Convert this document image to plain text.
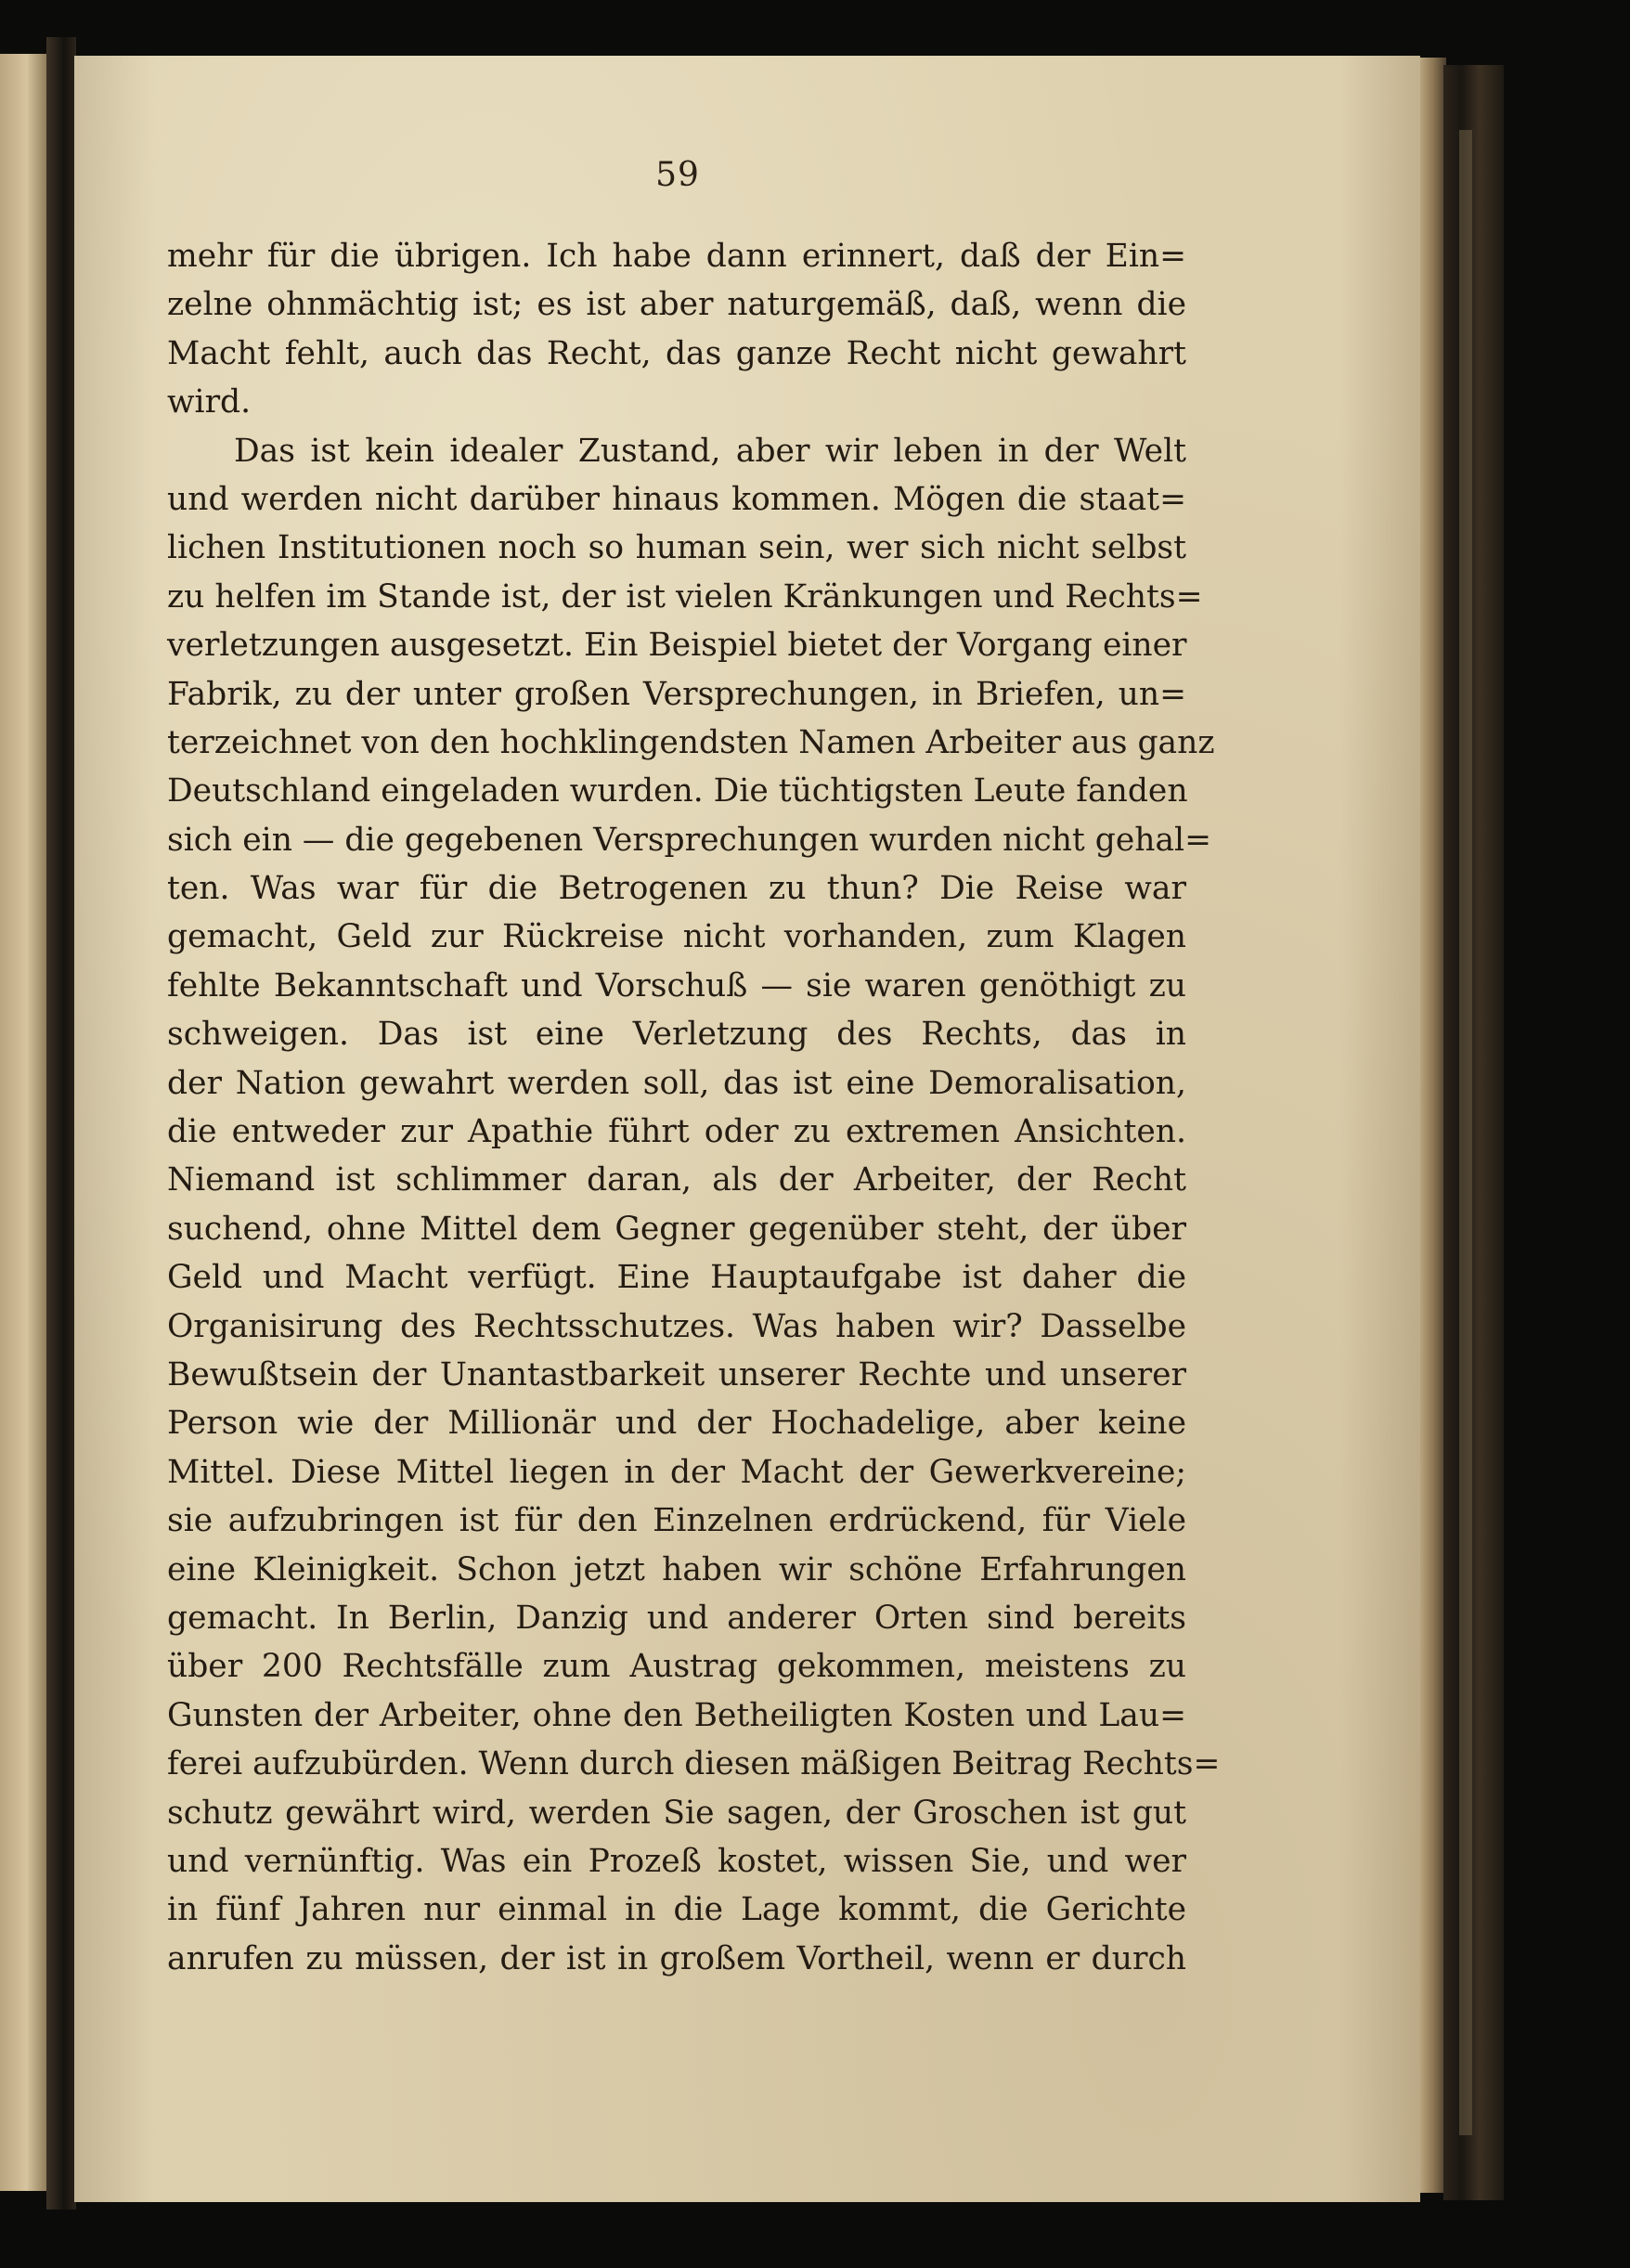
59
mehr für die übrigen. Ich habe dann erinnert, daß der Ein=
zelne ohnmächtig ist; es ist aber naturgemäß, daß, wenn die
Macht fehlt, auch das Recht, das ganze Recht nicht gewahrt
wird.
Das ist kein idealer Zustand, aber wir leben in der Welt
und werden nicht darüber hinaus kommen. Mögen die staat=
lichen Institutionen noch so human sein, wer sich nicht selbst
zu helfen im Stande ist, der ist vielen Kränkungen und Rechts=
verletzungen ausgesetzt. Ein Beispiel bietet der Vorgang einer
Fabrik, zu der unter großen Versprechungen, in Briefen, un=
terzeichnet von den hochklingendsten Namen Arbeiter aus ganz
Deutschland eingeladen wurden. Die tüchtigsten Leute fanden
sich ein — die gegebenen Versprechungen wurden nicht gehal=
ten. Was war für die Betrogenen zu thun? Die Reise war
gemacht, Geld zur Rückreise nicht vorhanden, zum Klagen
fehlte Bekanntschaft und Vorschuß — sie waren genöthigt zu
schweigen. Das ist eine Verletzung des Rechts, das in
der Nation gewahrt werden soll, das ist eine Demoralisation,
die entweder zur Apathie führt oder zu extremen Ansichten.
Niemand ist schlimmer daran, als der Arbeiter, der Recht
suchend, ohne Mittel dem Gegner gegenüber steht, der über
Geld und Macht verfügt. Eine Hauptaufgabe ist daher die
Organisirung des Rechtsschutzes. Was haben wir? Dasselbe
Bewußtsein der Unantastbarkeit unserer Rechte und unserer
Person wie der Millionär und der Hochadelige, aber keine
Mittel. Diese Mittel liegen in der Macht der Gewerkvereine;
sie aufzubringen ist für den Einzelnen erdrückend, für Viele
eine Kleinigkeit. Schon jetzt haben wir schöne Erfahrungen
gemacht. In Berlin, Danzig und anderer Orten sind bereits
über 200 Rechtsfälle zum Austrag gekommen, meistens zu
Gunsten der Arbeiter, ohne den Betheiligten Kosten und Lau=
ferei aufzubürden. Wenn durch diesen mäßigen Beitrag Rechts=
schutz gewährt wird, werden Sie sagen, der Groschen ist gut
und vernünftig. Was ein Prozeß kostet, wissen Sie, und wer
in fünf Jahren nur einmal in die Lage kommt, die Gerichte
anrufen zu müssen, der ist in großem Vortheil, wenn er durch
